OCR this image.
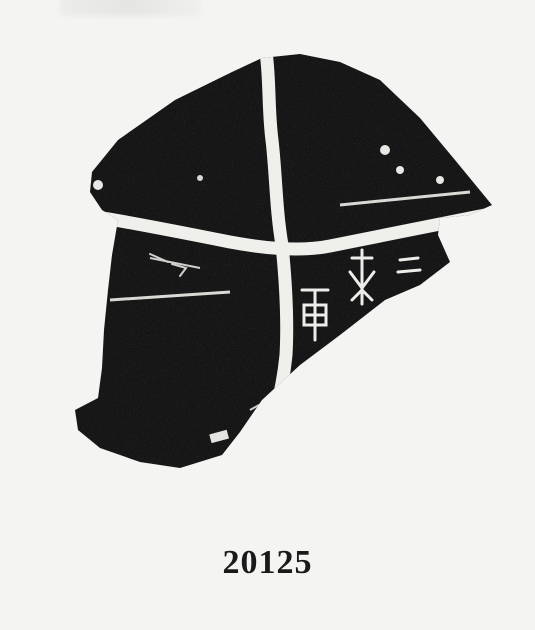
20125
